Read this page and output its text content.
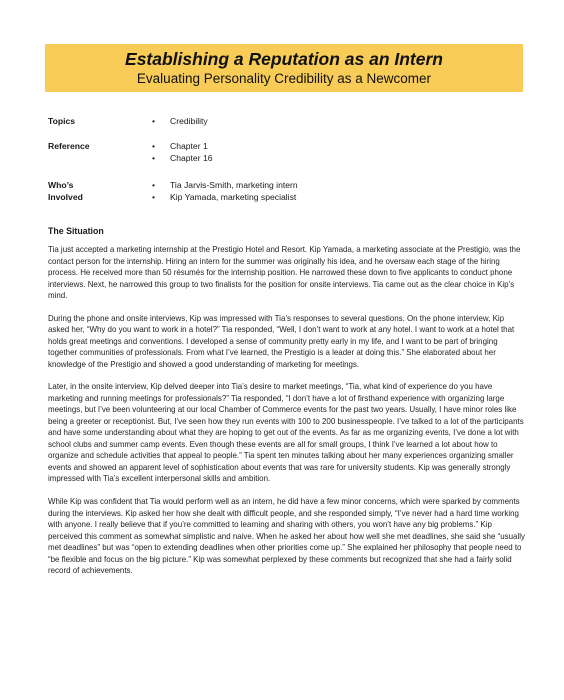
Establishing a Reputation as an Intern
Evaluating Personality Credibility as a Newcomer
Topics	• Credibility
Reference	• Chapter 1
• Chapter 16
Who’s Involved
• Tia Jarvis-Smith, marketing intern
• Kip Yamada, marketing specialist
The Situation

Tia just accepted a marketing internship at the Prestigio Hotel and Resort. Kip Yamada, a marketing associate at the Prestigio, was the contact person for the internship. Hiring an intern for the summer was originally his idea, and he oversaw each stage of the hiring process. He received more than 50 résumés for the internship position. He narrowed these down to five applicants to conduct phone interviews. Next, he narrowed this group to two finalists for the position for onsite interviews. Tia came out as the clear choice in Kip’s mind.

During the phone and onsite interviews, Kip was impressed with Tia’s responses to several questions. On the phone interview, Kip asked her, “Why do you want to work in a hotel?” Tia responded, “Well, I don’t want to work at any hotel. I want to work at a hotel that holds great meetings and conventions. I developed a sense of community pretty early in my life, and I want to be part of bringing together communities of professionals. From what I’ve learned, the Prestigio is a leader at doing this.” She elaborated about her knowledge of the Prestigio and showed a good understanding of marketing for meetings.

Later, in the onsite interview, Kip delved deeper into Tia’s desire to market meetings, “Tia, what kind of experience do you have marketing and running meetings for professionals?” Tia responded, “I don’t have a lot of firsthand experience with organizing large meetings, but I’ve been volunteering at our local Chamber of Commerce events for the past two years. Usually, I have minor roles like being a greeter or receptionist. But, I’ve seen how they run events with 100 to 200 businesspeople. I’ve talked to a lot of the participants and have some understanding about what they are hoping to get out of the events. As far as me organizing events, I’ve done a lot with school clubs and summer camp events. Even though these events are all for small groups, I think I’ve learned a lot about how to organize and schedule activities that appeal to people.” Tia spent ten minutes talking about her many experiences organizing smaller events and showed an apparent level of sophistication about events that was rare for university students. Kip was generally strongly impressed with Tia’s excellent interpersonal skills and ambition.

While Kip was confident that Tia would perform well as an intern, he did have a few minor concerns, which were sparked by comments during the interviews. Kip asked her how she dealt with difficult people, and she responded simply, “I’ve never had a hard time working with anyone. I really believe that if you’re committed to learning and sharing with others, you won’t have any big problems.” Kip perceived this comment as somewhat simplistic and naive. When he asked her about how well she met deadlines, she said she “usually met deadlines” but was “open to extending deadlines when other priorities come up.” She explained her philosophy that people need to “be flexible and focus on the big picture.” Kip was somewhat perplexed by these comments but recognized that she had a fairly solid record of achievements.
